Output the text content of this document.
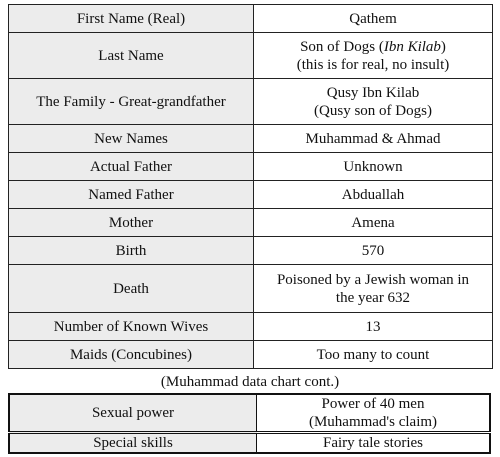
First Name (Real)	Qathem
Last Name	Son of Dogs (Ibn Kilab)
(this is for real, no insult)
The Family - Great-grandfather	Qusy Ibn Kilab
(Qusy son of Dogs)
New Names	Muhammad & Ahmad
Actual Father	Unknown
Named Father	Abduallah
Mother	Amena
Birth	570
Death	Poisoned by a Jewish woman in
the year 632
Number of Known Wives	13
Maids (Concubines)	Too many to count
(Muhammad data chart cont.)
Sexual power	Power of 40 men
(Muhammad's claim)
Special skills	Fairy tale stories
